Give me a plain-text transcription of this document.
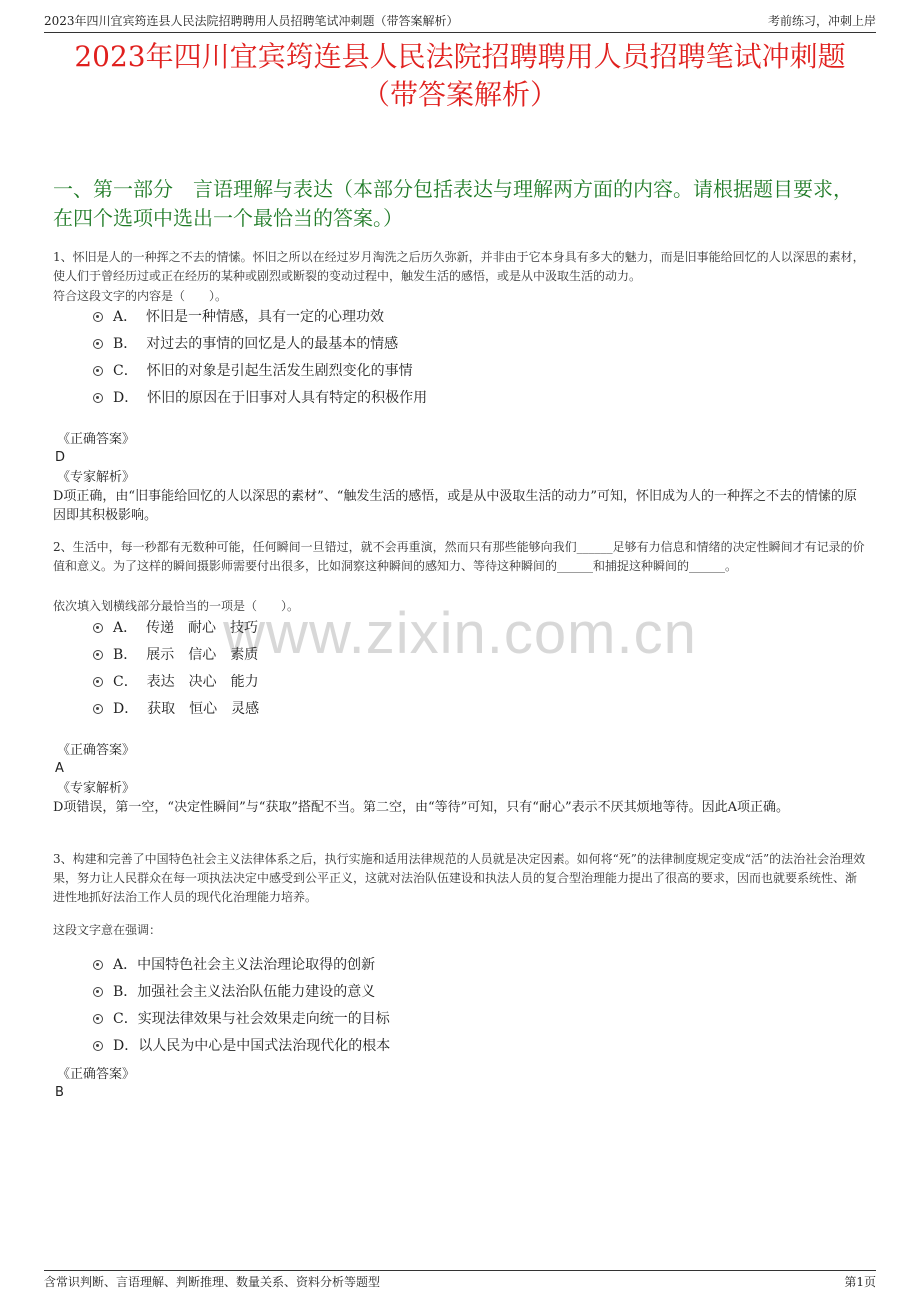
2023年四川宜宾筠连县人民法院招聘聘用人员招聘笔试冲刺题（带答案解析）	考前练习，冲刺上岸
2023年四川宜宾筠连县人民法院招聘聘用人员招聘笔试冲刺题
（带答案解析）
一、第一部分　言语理解与表达（本部分包括表达与理解两方面的内容。请根据题目要求，在四个选项中选出一个最恰当的答案。）
www.zixin.com.cn
1、怀旧是人的一种挥之不去的情愫。怀旧之所以在经过岁月淘洗之后历久弥新，并非由于它本身具有多大的魅力，而是旧事能给回忆的人以深思的素材，使人们于曾经历过或正在经历的某种或剧烈或断裂的变动过程中，触发生活的感悟，或是从中汲取生活的动力。
符合这段文字的内容是（　　）。
A．  怀旧是一种情感，具有一定的心理功效
B．  对过去的事情的回忆是人的最基本的情感
C．  怀旧的对象是引起生活发生剧烈变化的事情
D．  怀旧的原因在于旧事对人具有特定的积极作用
《正确答案》
D
《专家解析》
D项正确，由“旧事能给回忆的人以深思的素材”、“触发生活的感悟，或是从中汲取生活的动力”可知，怀旧成为人的一种挥之不去的情愫的原因即其积极影响。
2、生活中，每一秒都有无数种可能，任何瞬间一旦错过，就不会再重演，然而只有那些能够向我们______足够有力信息和情绪的决定性瞬间才有记录的价值和意义。为了这样的瞬间摄影师需要付出很多，比如洞察这种瞬间的感知力、等待这种瞬间的______和捕捉这种瞬间的______。
依次填入划横线部分最恰当的一项是（　　）。
A．  传递　耐心　技巧
B．  展示　信心　素质
C．  表达　决心　能力
D．  获取　恒心　灵感
《正确答案》
A
《专家解析》
D项错误，第一空，“决定性瞬间”与“获取”搭配不当。第二空，由“等待”可知，只有“耐心”表示不厌其烦地等待。因此A项正确。
3、构建和完善了中国特色社会主义法律体系之后，执行实施和适用法律规范的人员就是决定因素。如何将“死”的法律制度规定变成“活”的法治社会治理效果，努力让人民群众在每一项执法决定中感受到公平正义，这就对法治队伍建设和执法人员的复合型治理能力提出了很高的要求，因而也就要系统性、渐进性地抓好法治工作人员的现代化治理能力培养。
这段文字意在强调：
A．中国特色社会主义法治理论取得的创新
B．加强社会主义法治队伍能力建设的意义
C．实现法律效果与社会效果走向统一的目标
D．以人民为中心是中国式法治现代化的根本
《正确答案》
B
含常识判断、言语理解、判断推理、数量关系、资料分析等题型	第1页
